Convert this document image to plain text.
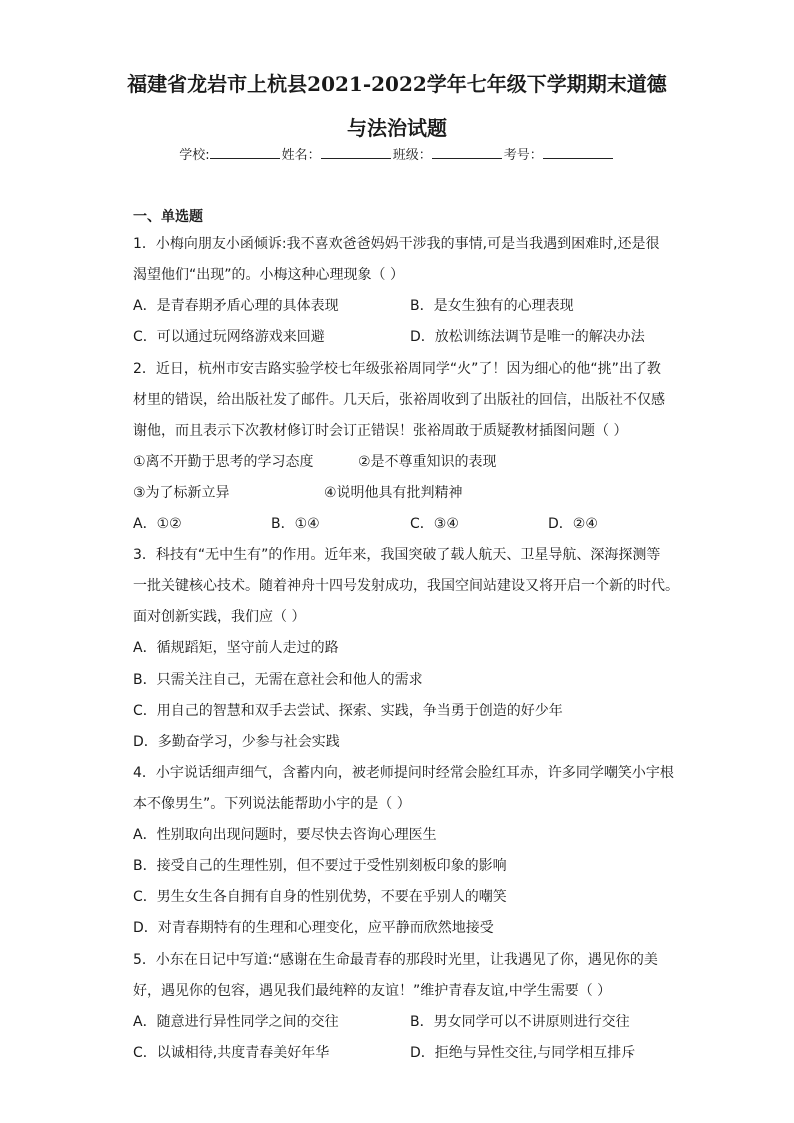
福建省龙岩市上杭县2021-2022学年七年级下学期期末道德
与法治试题
学校:	姓名：	班级：	考号：
一、单选题
1．小梅向朋友小函倾诉:我不喜欢爸爸妈妈干涉我的事情,可是当我遇到困难时,还是很
渴望他们“出现”的。小梅这种心理现象（ ）
A．是青春期矛盾心理的具体表现	B．是女生独有的心理表现
C．可以通过玩网络游戏来回避	D．放松训练法调节是唯一的解决办法
2．近日，杭州市安吉路实验学校七年级张裕周同学“火”了！因为细心的他“挑”出了教
材里的错误，给出版社发了邮件。几天后，张裕周收到了出版社的回信，出版社不仅感
谢他，而且表示下次教材修订时会订正错误！张裕周敢于质疑教材插图问题（ ）
①离不开勤于思考的学习态度	②是不尊重知识的表现
③为了标新立异	④说明他具有批判精神
A．①②	B．①④	C．③④	D．②④
3．科技有“无中生有”的作用。近年来，我国突破了载人航天、卫星导航、深海探测等
一批关键核心技术。随着神舟十四号发射成功，我国空间站建设又将开启一个新的时代。
面对创新实践，我们应（ ）
A．循规蹈矩，坚守前人走过的路
B．只需关注自己，无需在意社会和他人的需求
C．用自己的智慧和双手去尝试、探索、实践，争当勇于创造的好少年
D．多勤奋学习，少参与社会实践
4．小宇说话细声细气，含蓄内向，被老师提问时经常会脸红耳赤，许多同学嘲笑小宇根
本不像男生”。下列说法能帮助小宇的是（ ）
A．性别取向出现问题时，要尽快去咨询心理医生
B．接受自己的生理性别，但不要过于受性别刻板印象的影响
C．男生女生各自拥有自身的性别优势，不要在乎别人的嘲笑
D．对青春期特有的生理和心理变化，应平静而欣然地接受
5．小东在日记中写道:“感谢在生命最青春的那段时光里，让我遇见了你，遇见你的美
好，遇见你的包容，遇见我们最纯粹的友谊！”维护青春友谊,中学生需要（ ）
A．随意进行异性同学之间的交往	B．男女同学可以不讲原则进行交往
C．以诚相待,共度青春美好年华	D．拒绝与异性交往,与同学相互排斥
